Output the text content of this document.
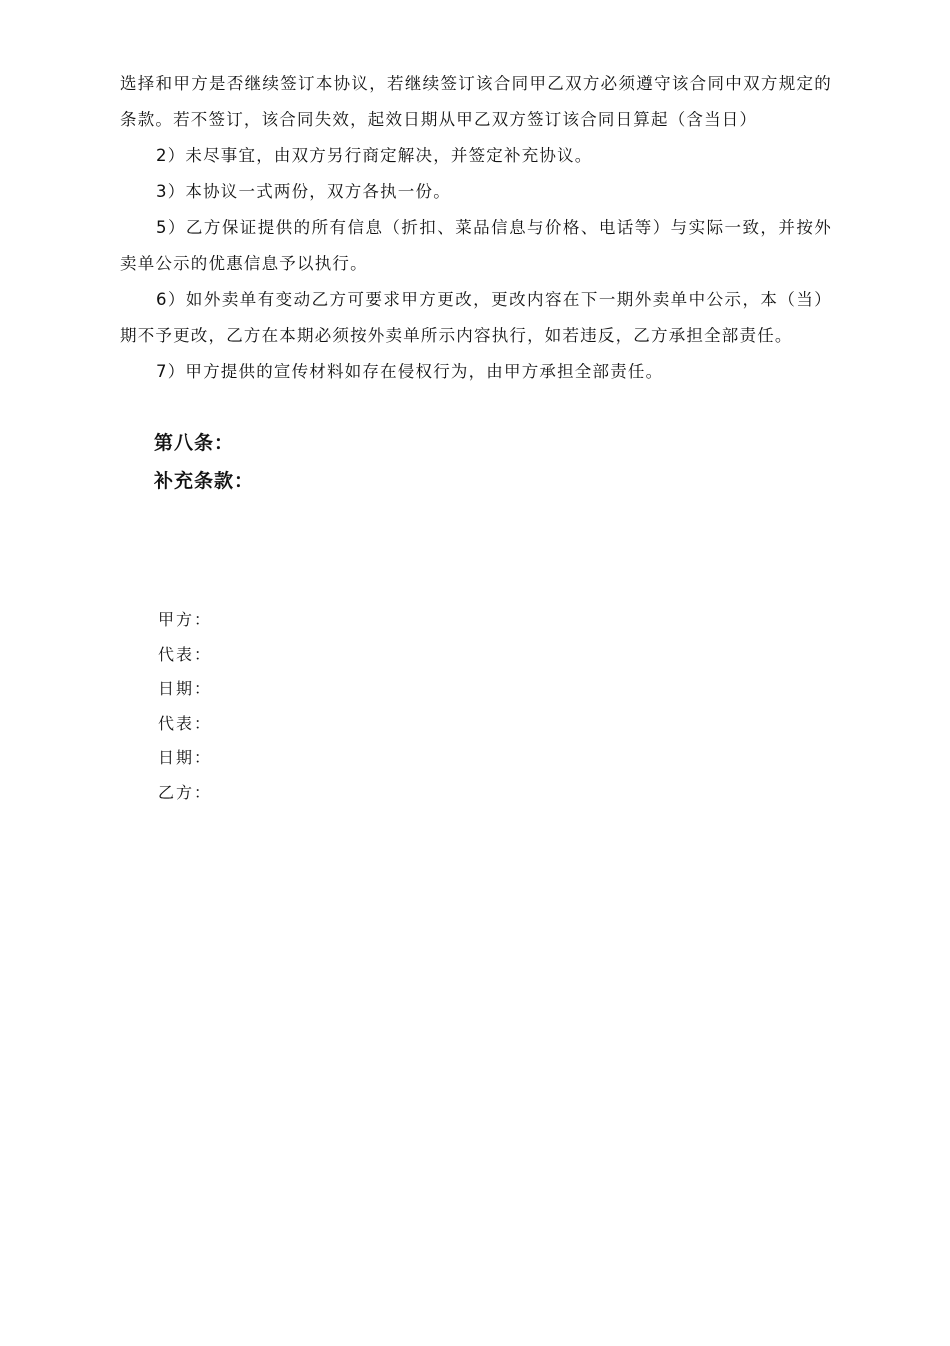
选择和甲方是否继续签订本协议，若继续签订该合同甲乙双方必须遵守该合同中双方规定的条款。若不签订，该合同失效，起效日期从甲乙双方签订该合同日算起（含当日）

2）未尽事宜，由双方另行商定解决，并签定补充协议。

3）本协议一式两份，双方各执一份。

5）乙方保证提供的所有信息（折扣、菜品信息与价格、电话等）与实际一致，并按外卖单公示的优惠信息予以执行。

6）如外卖单有变动乙方可要求甲方更改，更改内容在下一期外卖单中公示，本（当）期不予更改，乙方在本期必须按外卖单所示内容执行，如若违反，乙方承担全部责任。

7）甲方提供的宣传材料如存在侵权行为，由甲方承担全部责任。

第八条：

补充条款：

甲方：

代表：

日期：

代表：

日期：

乙方：
